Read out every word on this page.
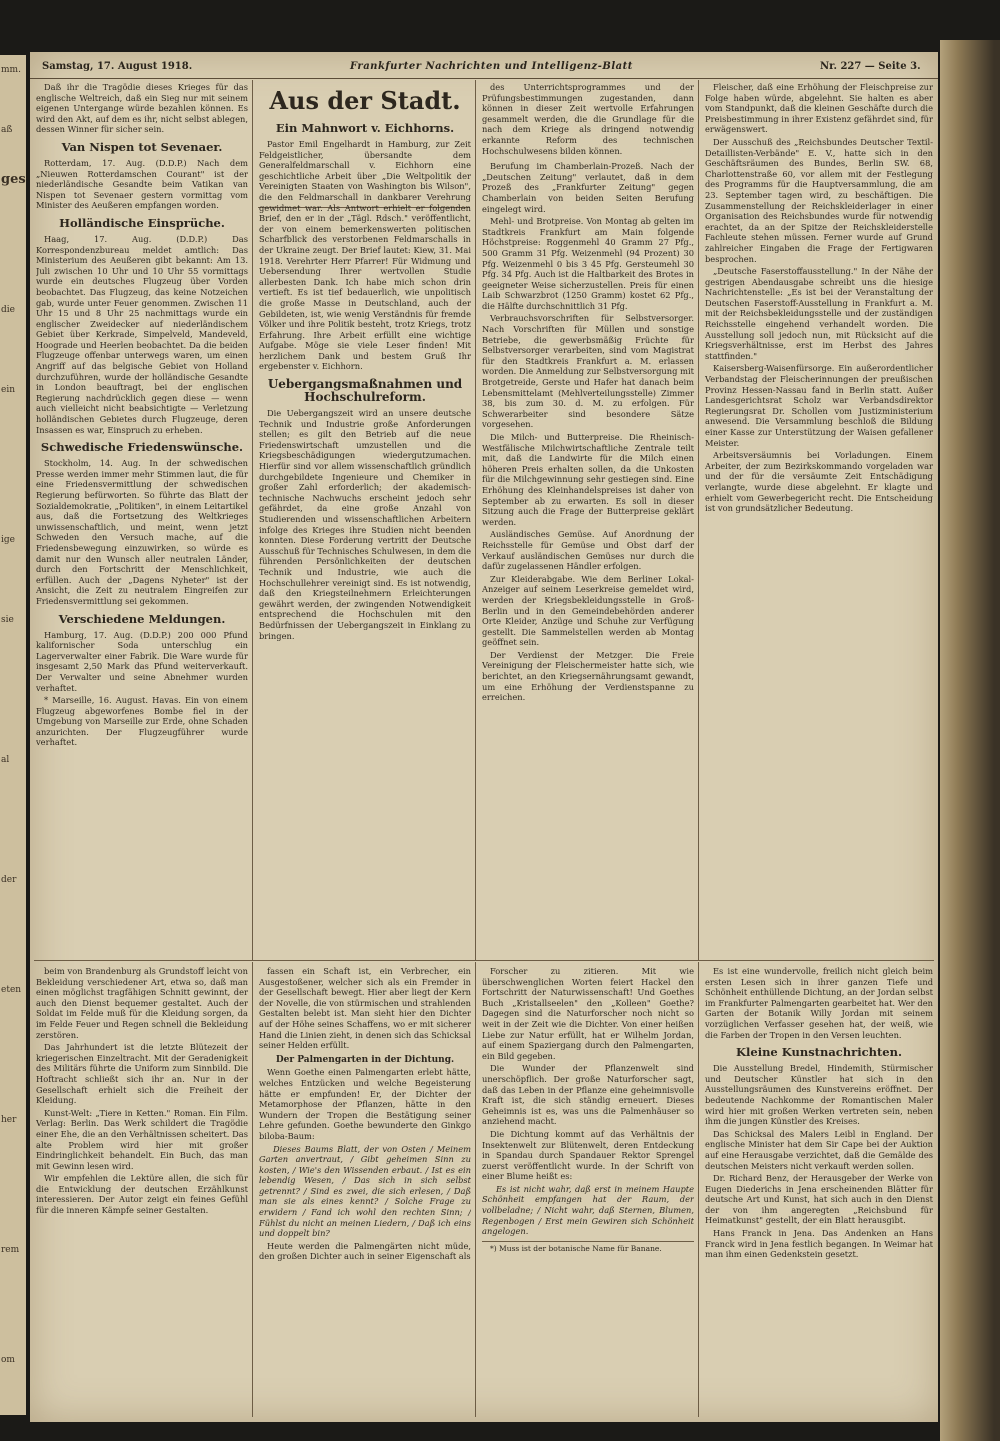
mm.
aß
ges
die
ein
ige
sie
al
der
eten
her
rem
om
Samstag, 17. August 1918.	Frankfurter Nachrichten und Intelligenz-Blatt	Nr. 227 — Seite 3.

Daß ihr die Tragödie dieses Krieges für das englische Weltreich, daß ein Sieg nur mit seinem eigenen Untergange würde bezahlen können. Es wird den Akt, auf dem es ihr, nicht selbst ablegen, dessen Winner für sicher sein.

Van Nispen tot Sevenaer.

Rotterdam, 17. Aug. (D.D.P.) Nach dem „Nieuwen Rotterdamschen Courant" ist der niederländische Gesandte beim Vatikan van Nispen tot Sevenaer gestern vormittag vom Minister des Aeußeren empfangen worden.

Holländische Einsprüche.

Haag, 17. Aug. (D.D.P.) Das Korrespondenzbureau meldet amtlich: Das Ministerium des Aeußeren gibt bekannt: Am 13. Juli zwischen 10 Uhr und 10 Uhr 55 vormittags wurde ein deutsches Flugzeug über Vorden beobachtet. Das Flugzeug, das keine Notzeichen gab, wurde unter Feuer genommen. Zwischen 11 Uhr 15 und 8 Uhr 25 nachmittags wurde ein englischer Zweidecker auf niederländischem Gebiet über Kerkrade, Simpelveld, Mandeveld, Hoograde und Heerlen beobachtet. Da die beiden Flugzeuge offenbar unterwegs waren, um einen Angriff auf das belgische Gebiet von Holland durchzuführen, wurde der holländische Gesandte in London beauftragt, bei der englischen Regierung nachdrücklich gegen diese — wenn auch vielleicht nicht beabsichtigte — Verletzung holländischen Gebietes durch Flugzeuge, deren Insassen es war, Einspruch zu erheben.

Schwedische Friedenswünsche.

Stockholm, 14. Aug. In der schwedischen Presse werden immer mehr Stimmen laut, die für eine Friedensvermittlung der schwedischen Regierung befürworten. So führte das Blatt der Sozialdemokratie, „Politiken", in einem Leitartikel aus, daß die Fortsetzung des Weltkrieges unwissenschaftlich, und meint, wenn jetzt Schweden den Versuch mache, auf die Friedensbewegung einzuwirken, so würde es damit nur den Wunsch aller neutralen Länder, durch den Fortschritt der Menschlichkeit, erfüllen. Auch der „Dagens Nyheter" ist der Ansicht, die Zeit zu neutralem Eingreifen zur Friedensvermittlung sei gekommen.

Verschiedene Meldungen.

Hamburg, 17. Aug. (D.D.P.) 200 000 Pfund kalifornischer Soda unterschlug ein Lagerverwalter einer Fabrik. Die Ware wurde für insgesamt 2,50 Mark das Pfund weiterverkauft. Der Verwalter und seine Abnehmer wurden verhaftet.

* Marseille, 16. August. Havas. Ein von einem Flugzeug abgeworfenes Bombe fiel in der Umgebung von Marseille zur Erde, ohne Schaden anzurichten. Der Flugzeugführer wurde verhaftet.

Aus der Stadt.
Ein Mahnwort v. Eichhorns.

Pastor Emil Engelhardt in Hamburg, zur Zeit Feldgeistlicher, übersandte dem Generalfeldmarschall v. Eichhorn eine geschichtliche Arbeit über „Die Weltpolitik der Vereinigten Staaten von Washington bis Wilson", die den Feldmarschall in dankbarer Verehrung gewidmet war. Als Antwort erhielt er folgenden Brief, den er in der „Tägl. Rdsch." veröffentlicht, der von einem bemerkenswerten politischen Scharfblick des verstorbenen Feldmarschalls in der Ukraine zeugt. Der Brief lautet: Kiew, 31. Mai 1918. Verehrter Herr Pfarrer! Für Widmung und Uebersendung Ihrer wertvollen Studie allerbesten Dank. Ich habe mich schon drin vertieft. Es ist tief bedauerlich, wie unpolitisch die große Masse in Deutschland, auch der Gebildeten, ist, wie wenig Verständnis für fremde Völker und ihre Politik besteht, trotz Kriegs, trotz Erfahrung. Ihre Arbeit erfüllt eine wichtige Aufgabe. Möge sie viele Leser finden! Mit herzlichem Dank und bestem Gruß Ihr ergebenster v. Eichhorn.

Uebergangsmaßnahmen und Hochschulreform.

Die Uebergangszeit wird an unsere deutsche Technik und Industrie große Anforderungen stellen; es gilt den Betrieb auf die neue Friedenswirtschaft umzustellen und die Kriegsbeschädigungen wiedergutzumachen. Hierfür sind vor allem wissenschaftlich gründlich durchgebildete Ingenieure und Chemiker in großer Zahl erforderlich; der akademisch-technische Nachwuchs erscheint jedoch sehr gefährdet, da eine große Anzahl von Studierenden und wissenschaftlichen Arbeitern infolge des Krieges ihre Studien nicht beenden konnten. Diese Forderung vertritt der Deutsche Ausschuß für Technisches Schulwesen, in dem die führenden Persönlichkeiten der deutschen Technik und Industrie, wie auch die Hochschullehrer vereinigt sind. Es ist notwendig, daß den Kriegsteilnehmern Erleichterungen gewährt werden, der zwingenden Notwendigkeit entsprechend die Hochschulen mit den Bedürfnissen der Uebergangszeit in Einklang zu bringen.

des Unterrichtsprogrammes und der Prüfungsbestimmungen zugestanden, dann können in dieser Zeit wertvolle Erfahrungen gesammelt werden, die die Grundlage für die nach dem Kriege als dringend notwendig erkannte Reform des technischen Hochschulwesens bilden können.

Berufung im Chamberlain-Prozeß. Nach der „Deutschen Zeitung" verlautet, daß in dem Prozeß des „Frankfurter Zeitung" gegen Chamberlain von beiden Seiten Berufung eingelegt wird.

Mehl- und Brotpreise. Von Montag ab gelten im Stadtkreis Frankfurt am Main folgende Höchstpreise: Roggenmehl 40 Gramm 27 Pfg., 500 Gramm 31 Pfg. Weizenmehl (94 Prozent) 30 Pfg. Weizenmehl 0 bis 3 45 Pfg. Gersteumehl 30 Pfg. 34 Pfg. Auch ist die Haltbarkeit des Brotes in geeigneter Weise sicherzustellen. Preis für einen Laib Schwarzbrot (1250 Gramm) kostet 62 Pfg., die Hälfte durchschnittlich 31 Pfg.

Verbrauchsvorschriften für Selbstversorger. Nach Vorschriften für Müllen und sonstige Betriebe, die gewerbsmäßig Früchte für Selbstversorger verarbeiten, sind vom Magistrat für den Stadtkreis Frankfurt a. M. erlassen worden. Die Anmeldung zur Selbstversorgung mit Brotgetreide, Gerste und Hafer hat danach beim Lebensmittelamt (Mehlverteilungsstelle) Zimmer 38, bis zum 30. d. M. zu erfolgen. Für Schwerarbeiter sind besondere Sätze vorgesehen.

Die Milch- und Butterpreise. Die Rheinisch-Westfälische Milchwirtschaftliche Zentrale teilt mit, daß die Landwirte für die Milch einen höheren Preis erhalten sollen, da die Unkosten für die Milchgewinnung sehr gestiegen sind. Eine Erhöhung des Kleinhandelspreises ist daher von September ab zu erwarten. Es soll in dieser Sitzung auch die Frage der Butterpreise geklärt werden.

Ausländisches Gemüse. Auf Anordnung der Reichsstelle für Gemüse und Obst darf der Verkauf ausländischen Gemüses nur durch die dafür zugelassenen Händler erfolgen.

Zur Kleiderabgabe. Wie dem Berliner Lokal-Anzeiger auf seinem Leserkreise gemeldet wird, werden der Kriegsbekleidungsstelle in Groß-Berlin und in den Gemeindebehörden anderer Orte Kleider, Anzüge und Schuhe zur Verfügung gestellt. Die Sammelstellen werden ab Montag geöffnet sein.

Der Verdienst der Metzger. Die Freie Vereinigung der Fleischermeister hatte sich, wie berichtet, an den Kriegsernährungsamt gewandt, um eine Erhöhung der Verdienstspanne zu erreichen.

Fleischer, daß eine Erhöhung der Fleischpreise zur Folge haben würde, abgelehnt. Sie halten es aber vom Standpunkt, daß die kleinen Geschäfte durch die Preisbestimmung in ihrer Existenz gefährdet sind, für erwägenswert.

Der Ausschuß des „Reichsbundes Deutscher Textil-Detaillisten-Verbände" E. V., hatte sich in den Geschäftsräumen des Bundes, Berlin SW. 68, Charlottenstraße 60, vor allem mit der Festlegung des Programms für die Hauptversammlung, die am 23. September tagen wird, zu beschäftigen. Die Zusammenstellung der Reichskleiderlager in einer Organisation des Reichsbundes wurde für notwendig erachtet, da an der Spitze der Reichskleiderstelle Fachleute stehen müssen. Ferner wurde auf Grund zahlreicher Eingaben die Frage der Fertigwaren besprochen.

„Deutsche Faserstoffausstellung." In der Nähe der gestrigen Abendausgabe schreibt uns die hiesige Nachrichtenstelle: „Es ist bei der Veranstaltung der Deutschen Faserstoff-Ausstellung in Frankfurt a. M. mit der Reichsbekleidungsstelle und der zuständigen Reichsstelle eingehend verhandelt worden. Die Ausstellung soll jedoch nun, mit Rücksicht auf die Kriegsverhältnisse, erst im Herbst des Jahres stattfinden."

Kaisersberg-Waisenfürsorge. Ein außerordentlicher Verbandstag der Fleischerinnungen der preußischen Provinz Hessen-Nassau fand in Berlin statt. Außer Landesgerichtsrat Scholz war Verbandsdirektor Regierungsrat Dr. Schollen vom Justizministerium anwesend. Die Versammlung beschloß die Bildung einer Kasse zur Unterstützung der Waisen gefallener Meister.

Arbeitsversäumnis bei Vorladungen. Einem Arbeiter, der zum Bezirkskommando vorgeladen war und der für die versäumte Zeit Entschädigung verlangte, wurde diese abgelehnt. Er klagte und erhielt vom Gewerbegericht recht. Die Entscheidung ist von grundsätzlicher Bedeutung.

beim von Brandenburg als Grundstoff leicht von Bekleidung verschiedener Art, etwa so, daß man einen möglichst tragfähigen Schnitt gewinnt, der auch den Dienst bequemer gestaltet. Auch der Soldat im Felde muß für die Kleidung sorgen, da im Felde Feuer und Regen schnell die Bekleidung zerstören.

Das Jahrhundert ist die letzte Blütezeit der kriegerischen Einzeltracht. Mit der Geradenigkeit des Militärs führte die Uniform zum Sinnbild. Die Hoftracht schließt sich ihr an. Nur in der Gesellschaft erhielt sich die Freiheit der Kleidung.

Kunst-Welt: „Tiere in Ketten." Roman. Ein Film. Verlag: Berlin. Das Werk schildert die Tragödie einer Ehe, die an den Verhältnissen scheitert. Das alte Problem wird hier mit großer Eindringlichkeit behandelt. Ein Buch, das man mit Gewinn lesen wird.

Wir empfehlen die Lektüre allen, die sich für die Entwicklung der deutschen Erzählkunst interessieren. Der Autor zeigt ein feines Gefühl für die inneren Kämpfe seiner Gestalten.

fassen ein Schaft ist, ein Verbrecher, ein Ausgestoßener, welcher sich als ein Fremder in der Gesellschaft bewegt. Hier aber liegt der Kern der Novelle, die von stürmischen und strahlenden Gestalten belebt ist. Man sieht hier den Dichter auf der Höhe seines Schaffens, wo er mit sicherer Hand die Linien zieht, in denen sich das Schicksal seiner Helden erfüllt.

Der Palmengarten in der Dichtung.

Wenn Goethe einen Palmengarten erlebt hätte, welches Entzücken und welche Begeisterung hätte er empfunden! Er, der Dichter der Metamorphose der Pflanzen, hätte in den Wundern der Tropen die Bestätigung seiner Lehre gefunden. Goethe bewunderte den Ginkgo biloba-Baum:

Dieses Baums Blatt, der von Osten / Meinem Garten anvertraut, / Gibt geheimen Sinn zu kosten, / Wie's den Wissenden erbaut. / Ist es ein lebendig Wesen, / Das sich in sich selbst getrennt? / Sind es zwei, die sich erlesen, / Daß man sie als eines kennt? / Solche Frage zu erwidern / Fand ich wohl den rechten Sinn; / Fühlst du nicht an meinen Liedern, / Daß ich eins und doppelt bin?

Heute werden die Palmengärten nicht müde, den großen Dichter auch in seiner Eigenschaft als

Forscher zu zitieren. Mit wie überschwenglichen Worten feiert Hackel den Fortschritt der Naturwissenschaft! Und Goethes Buch „Kristallseelen" den „Kolleen" Goethe? Dagegen sind die Naturforscher noch nicht so weit in der Zeit wie die Dichter. Von einer heißen Liebe zur Natur erfüllt, hat er Wilhelm Jordan, auf einem Spaziergang durch den Palmengarten, ein Bild gegeben.

Die Wunder der Pflanzenwelt sind unerschöpflich. Der große Naturforscher sagt, daß das Leben in der Pflanze eine geheimnisvolle Kraft ist, die sich ständig erneuert. Dieses Geheimnis ist es, was uns die Palmenhäuser so anziehend macht.

Die Dichtung kommt auf das Verhältnis der Insektenwelt zur Blütenwelt, deren Entdeckung in Spandau durch Spandauer Rektor Sprengel zuerst veröffentlicht wurde. In der Schrift von einer Blume heißt es:

Es ist nicht wahr, daß erst in meinem Haupte Schönheit empfangen hat der Raum, der vollbeladne; / Nicht wahr, daß Sternen, Blumen, Regenbogen / Erst mein Gewiren sich Schönheit angelogen.

*) Muss ist der botanische Name für Banane.

Es ist eine wundervolle, freilich nicht gleich beim ersten Lesen sich in ihrer ganzen Tiefe und Schönheit enthüllende Dichtung, an der Jordan selbst im Frankfurter Palmengarten gearbeitet hat. Wer den Garten der Botanik Willy Jordan mit seinem vorzüglichen Verfasser gesehen hat, der weiß, wie die Farben der Tropen in den Versen leuchten.

Kleine Kunstnachrichten.

Die Ausstellung Bredel, Hindemith, Stürmischer und Deutscher Künstler hat sich in den Ausstellungsräumen des Kunstvereins eröffnet. Der bedeutende Nachkomme der Romantischen Maler wird hier mit großen Werken vertreten sein, neben ihm die jungen Künstler des Kreises.

Das Schicksal des Malers Leibl in England. Der englische Minister hat dem Sir Cape bei der Auktion auf eine Herausgabe verzichtet, daß die Gemälde des deutschen Meisters nicht verkauft werden sollen.

Dr. Richard Benz, der Herausgeber der Werke von Eugen Diederichs in Jena erscheinenden Blätter für deutsche Art und Kunst, hat sich auch in den Dienst der von ihm angeregten „Reichsbund für Heimatkunst" gestellt, der ein Blatt herausgibt.

Hans Franck in Jena. Das Andenken an Hans Franck wird in Jena festlich begangen. In Weimar hat man ihm einen Gedenkstein gesetzt.
